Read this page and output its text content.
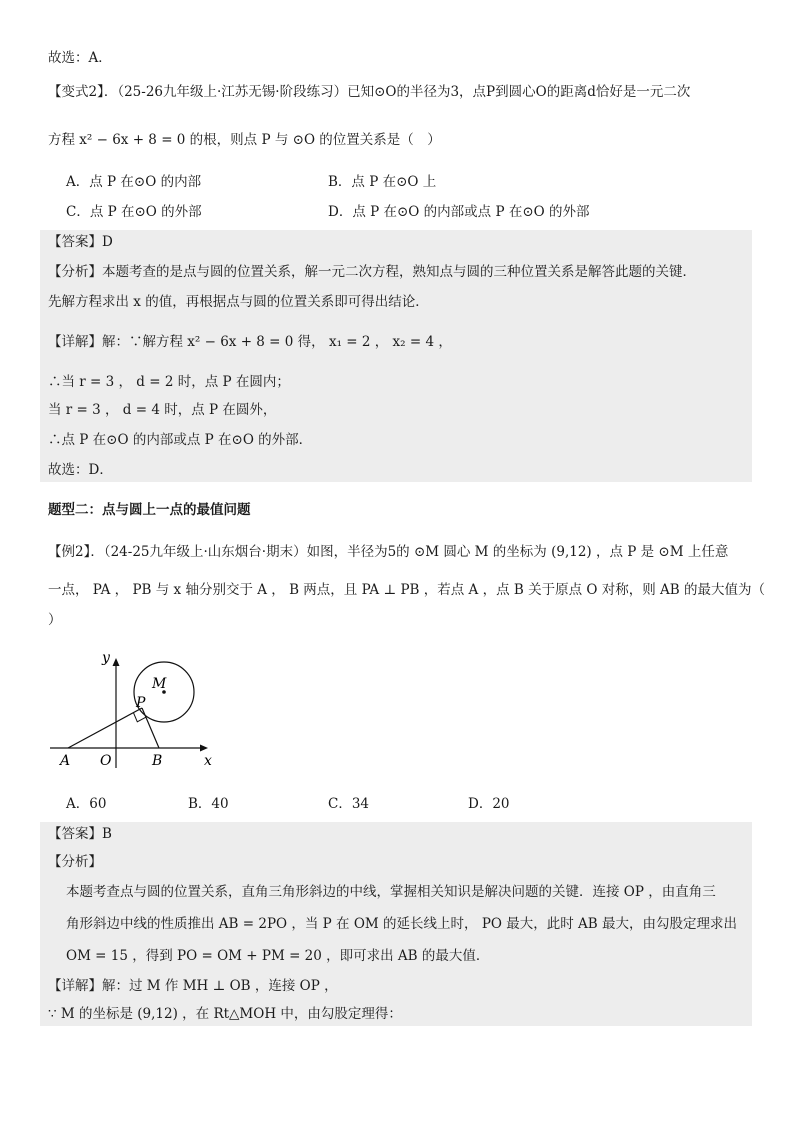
故选：A．
【变式2】．（25-26九年级上·江苏无锡·阶段练习）已知⊙O的半径为3，点P到圆心O的距离d恰好是一元二次
方程 x² − 6x + 8 = 0 的根，则点 P 与 ⊙O 的位置关系是（　）
A．点 P 在⊙O 的内部	B．点 P 在⊙O 上
C．点 P 在⊙O 的外部	D．点 P 在⊙O 的内部或点 P 在⊙O 的外部
【答案】D
【分析】本题考查的是点与圆的位置关系，解一元二次方程，熟知点与圆的三种位置关系是解答此题的关键．
先解方程求出 x 的值，再根据点与圆的位置关系即可得出结论．
【详解】解：∵解方程 x² − 6x + 8 = 0 得， x₁ = 2 ， x₂ = 4 ，
∴当 r = 3 ， d = 2 时，点 P 在圆内；
当 r = 3 ， d = 4 时，点 P 在圆外，
∴点 P 在⊙O 的内部或点 P 在⊙O 的外部．
故选：D．
题型二：点与圆上一点的最值问题
【例2】．（24-25九年级上·山东烟台·期末）如图，半径为5的 ⊙M 圆心 M 的坐标为 (9,12) ，点 P 是 ⊙M 上任意
一点， PA ， PB 与 x 轴分别交于 A ， B 两点，且 PA ⊥ PB ，若点 A ，点 B 关于原点 O 对称，则 AB 的最大值为（
）
y
M
P
A O	B	x
A．60	B．40	C．34	D．20
【答案】B
【分析】
本题考查点与圆的位置关系，直角三角形斜边的中线，掌握相关知识是解决问题的关键．连接 OP ，由直角三
角形斜边中线的性质推出 AB = 2PO ，当 P 在 OM 的延长线上时， PO 最大，此时 AB 最大，由勾股定理求出
OM = 15 ，得到 PO = OM + PM = 20 ，即可求出 AB 的最大值．
【详解】解：过 M 作 MH ⊥ OB ，连接 OP ，
∵ M 的坐标是 (9,12) ，在 Rt△MOH 中，由勾股定理得：
